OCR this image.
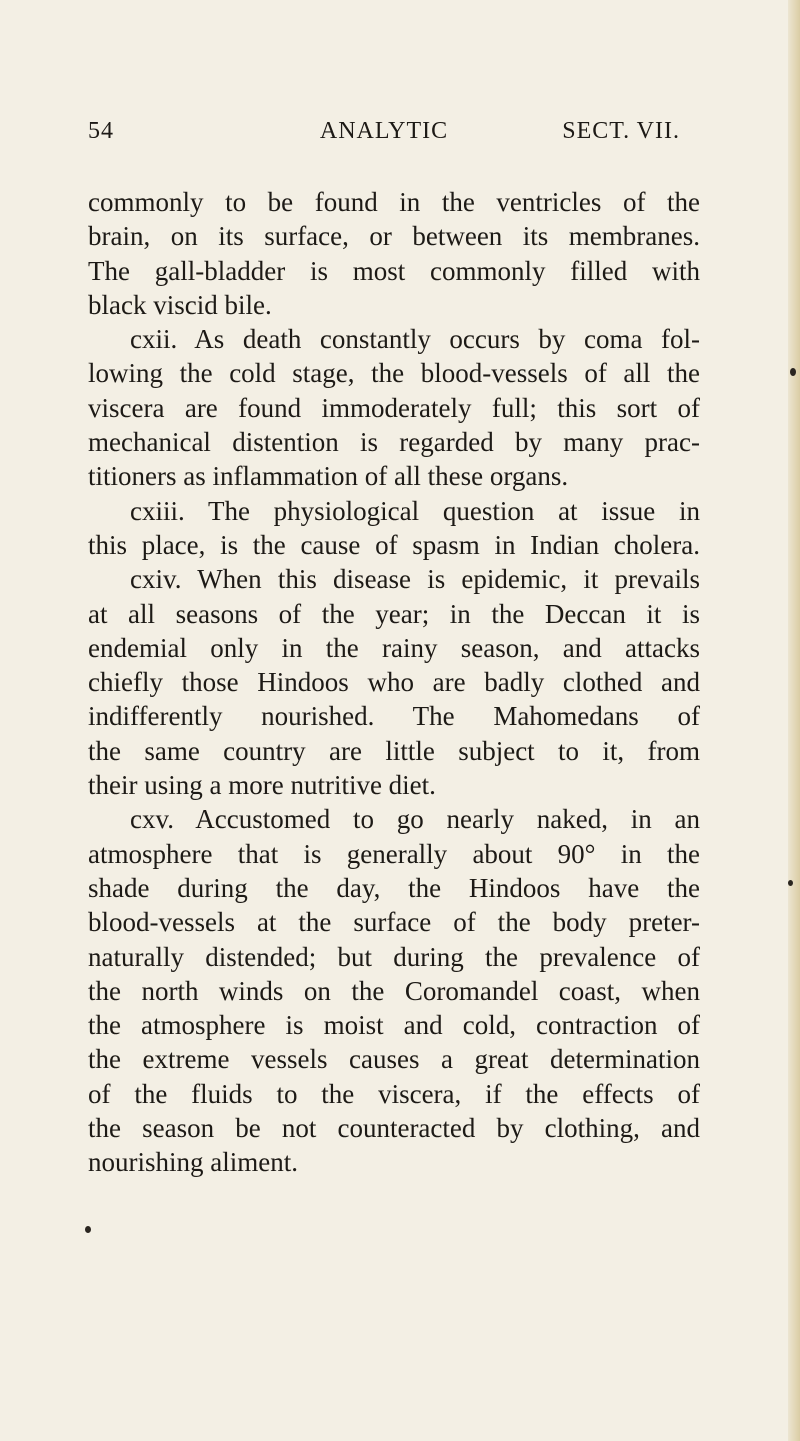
54	ANALYTIC	SECT. VII.
commonly to be found in the ventricles of the
brain, on its surface, or between its membranes.
The gall-bladder is most commonly filled with
black viscid bile.
cxii. As death constantly occurs by coma fol-
lowing the cold stage, the blood-vessels of all the
viscera are found immoderately full; this sort of
mechanical distention is regarded by many prac-
titioners as inflammation of all these organs.
cxiii. The physiological question at issue in
this place, is the cause of spasm in Indian cholera.
cxiv. When this disease is epidemic, it prevails
at all seasons of the year; in the Deccan it is
endemial only in the rainy season, and attacks
chiefly those Hindoos who are badly clothed and
indifferently nourished. The Mahomedans of
the same country are little subject to it, from
their using a more nutritive diet.
cxv. Accustomed to go nearly naked, in an
atmosphere that is generally about 90° in the
shade during the day, the Hindoos have the
blood-vessels at the surface of the body preter-
naturally distended; but during the prevalence of
the north winds on the Coromandel coast, when
the atmosphere is moist and cold, contraction of
the extreme vessels causes a great determination
of the fluids to the viscera, if the effects of
the season be not counteracted by clothing, and
nourishing aliment.
